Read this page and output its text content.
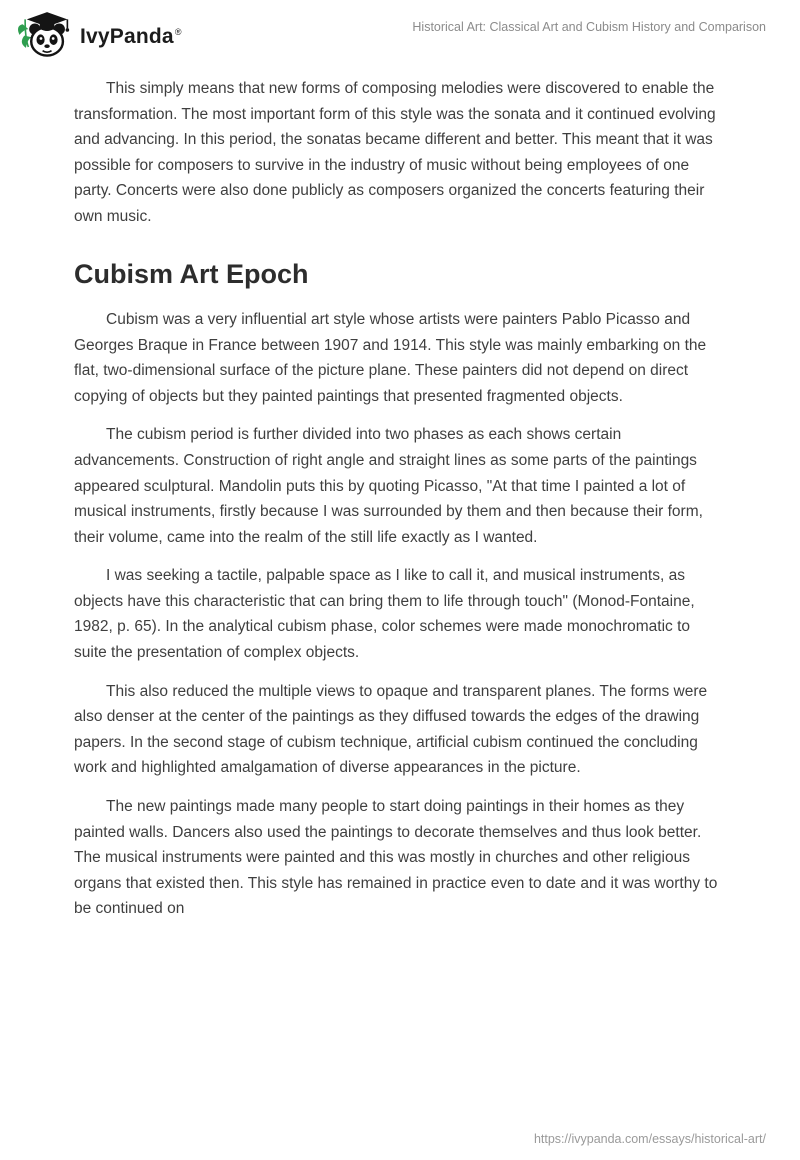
IvyPanda®	Historical Art: Classical Art and Cubism History and Comparison

This simply means that new forms of composing melodies were discovered to enable the transformation. The most important form of this style was the sonata and it continued evolving and advancing. In this period, the sonatas became different and better. This meant that it was possible for composers to survive in the industry of music without being employees of one party. Concerts were also done publicly as composers organized the concerts featuring their own music.

Cubism Art Epoch

Cubism was a very influential art style whose artists were painters Pablo Picasso and Georges Braque in France between 1907 and 1914. This style was mainly embarking on the flat, two-dimensional surface of the picture plane. These painters did not depend on direct copying of objects but they painted paintings that presented fragmented objects.

The cubism period is further divided into two phases as each shows certain advancements. Construction of right angle and straight lines as some parts of the paintings appeared sculptural. Mandolin puts this by quoting Picasso, "At that time I painted a lot of musical instruments, firstly because I was surrounded by them and then because their form, their volume, came into the realm of the still life exactly as I wanted.

I was seeking a tactile, palpable space as I like to call it, and musical instruments, as objects have this characteristic that can bring them to life through touch" (Monod-Fontaine, 1982, p. 65). In the analytical cubism phase, color schemes were made monochromatic to suite the presentation of complex objects.

This also reduced the multiple views to opaque and transparent planes. The forms were also denser at the center of the paintings as they diffused towards the edges of the drawing papers. In the second stage of cubism technique, artificial cubism continued the concluding work and highlighted amalgamation of diverse appearances in the picture.

The new paintings made many people to start doing paintings in their homes as they painted walls. Dancers also used the paintings to decorate themselves and thus look better. The musical instruments were painted and this was mostly in churches and other religious organs that existed then. This style has remained in practice even to date and it was worthy to be continued on

https://ivypanda.com/essays/historical-art/
